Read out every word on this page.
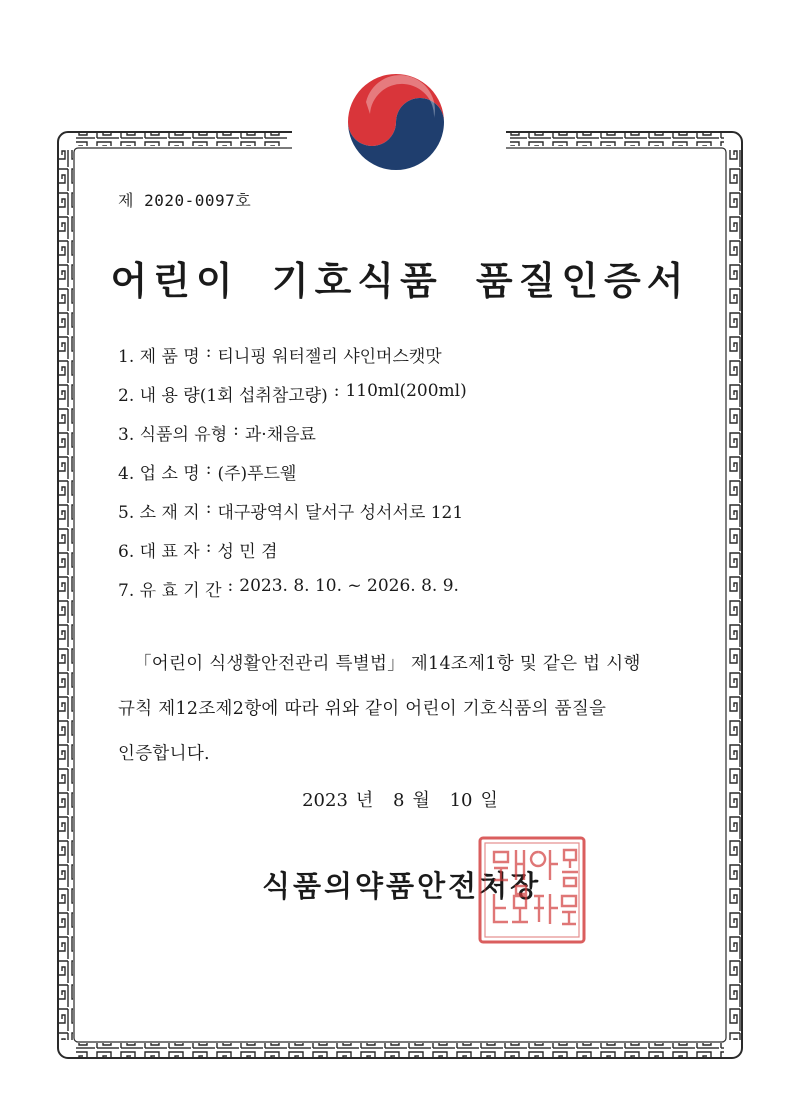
제 2020-0097호
어린이 기호식품 품질인증서
1. 제 품 명 : 티니핑 워터젤리 샤인머스캣맛
2. 내 용 량(1회 섭취참고량) : 110ml(200ml)
3. 식품의 유형 : 과·채음료
4. 업 소 명 : (주)푸드웰
5. 소 재 지 : 대구광역시 달서구 성서서로 121
6. 대 표 자 : 성 민 겸
7. 유 효 기 간 : 2023. 8. 10. ~ 2026. 8. 9.
「어린이 식생활안전관리 특별법」 제14조제1항 및 같은 법 시행
규칙 제12조제2항에 따라 위와 같이 어린이 기호식품의 품질을
인증합니다.
2023 년 8 월 10 일
식품의약품안전처장
